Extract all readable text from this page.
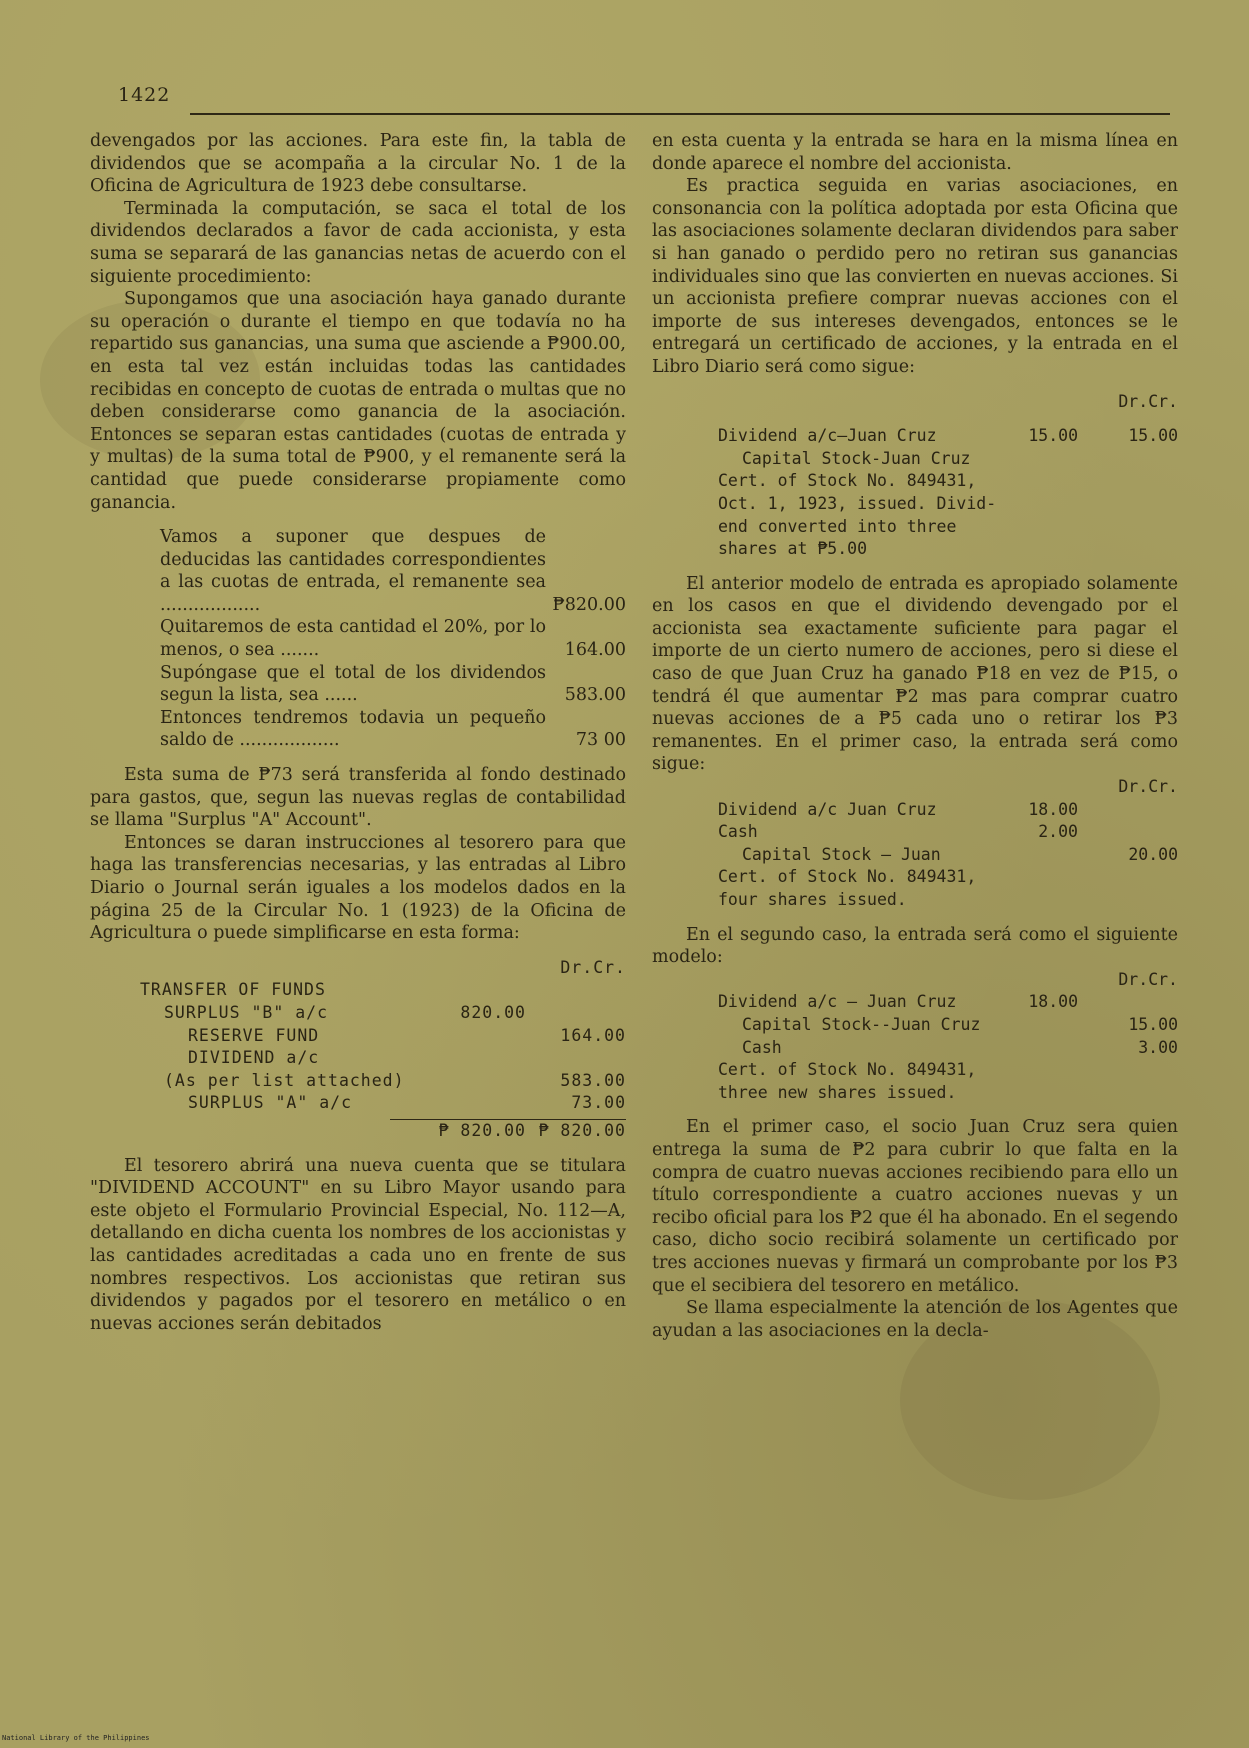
1422

devengados por las acciones. Para este fin, la tabla de dividendos que se acompaña a la circular No. 1 de la Oficina de Agricultura de 1923 debe consultarse.

Terminada la computación, se saca el total de los dividendos declarados a favor de cada accionista, y esta suma se separará de las ganancias netas de acuerdo con el siguiente procedimiento:

Supongamos que una asociación haya ganado durante su operación o durante el tiempo en que todavía no ha repartido sus ganancias, una suma que asciende a ₱900.00, en esta tal vez están incluidas todas las cantidades recibidas en concepto de cuotas de entrada o multas que no deben considerarse como ganancia de la asociación. Entonces se separan estas cantidades (cuotas de entrada y y multas) de la suma total de ₱900, y el remanente será la cantidad que puede considerarse propiamente como ganancia.

Vamos a suponer que despues de deducidas las cantidades correspondientes a las cuotas de entrada, el remanente sea ..................	₱820.00
Quitaremos de esta cantidad el 20%, por lo menos, o sea .......	164.00
Supóngase que el total de los dividendos segun la lista, sea ......	583.00
Entonces tendremos todavia un pequeño saldo de ..................	73 00

Esta suma de ₱73 será transferida al fondo destinado para gastos, que, segun las nuevas reglas de contabilidad se llama "Surplus "A" Account".

Entonces se daran instrucciones al tesorero para que haga las transferencias necesarias, y las entradas al Libro Diario o Journal serán iguales a los modelos dados en la página 25 de la Circular No. 1 (1923) de la Oficina de Agricultura o puede simplificarse en esta forma:

Dr. Cr.
TRANSFER OF FUNDS
SURPLUS "B" a/c	820.00
RESERVE FUND	164.00
DIVIDEND a/c
(As per list attached)	583.00
SURPLUS "A" a/c	73.00
₱ 820.00 ₱ 820.00

El tesorero abrirá una nueva cuenta que se titulara "DIVIDEND ACCOUNT" en su Libro Mayor usando para este objeto el Formulario Provincial Especial, No. 112—A, detallando en dicha cuenta los nombres de los accionistas y las cantidades acreditadas a cada uno en frente de sus nombres respectivos. Los accionistas que retiran sus dividendos y pagados por el tesorero en metálico o en nuevas acciones serán debitados

en esta cuenta y la entrada se hara en la misma línea en donde aparece el nombre del accionista.

Es practica seguida en varias asociaciones, en consonancia con la política adoptada por esta Oficina que las asociaciones solamente declaran dividendos para saber si han ganado o perdido pero no retiran sus ganancias individuales sino que las convierten en nuevas acciones. Si un accionista prefiere comprar nuevas acciones con el importe de sus intereses devengados, entonces se le entregará un certificado de acciones, y la entrada en el Libro Diario será como sigue:

Dr. Cr.
Dividend a/c—Juan Cruz	15.00	15.00
Capital Stock-Juan Cruz
Cert. of Stock No. 849431,
Oct. 1, 1923, issued. Divid-
end converted into three
shares at ₱5.00

El anterior modelo de entrada es apropiado solamente en los casos en que el dividendo devengado por el accionista sea exactamente suficiente para pagar el importe de un cierto numero de acciones, pero si diese el caso de que Juan Cruz ha ganado ₱18 en vez de ₱15, o tendrá él que aumentar ₱2 mas para comprar cuatro nuevas acciones de a ₱5 cada uno o retirar los ₱3 remanentes. En el primer caso, la entrada será como sigue:

Dr. Cr.
Dividend a/c Juan Cruz	18.00
Cash	2.00
Capital Stock — Juan	20.00
Cert. of Stock No. 849431,
four shares issued.

En el segundo caso, la entrada será como el siguiente modelo:

Dr. Cr.
Dividend a/c — Juan Cruz	18.00
Capital Stock--Juan Cruz	15.00
Cash	3.00
Cert. of Stock No. 849431,
three new shares issued.

En el primer caso, el socio Juan Cruz sera quien entrega la suma de ₱2 para cubrir lo que falta en la compra de cuatro nuevas acciones recibiendo para ello un título correspondiente a cuatro acciones nuevas y un recibo oficial para los ₱2 que él ha abonado. En el segendo caso, dicho socio recibirá solamente un certificado por tres acciones nuevas y firmará un comprobante por los ₱3 que el secibiera del tesorero en metálico.

Se llama especialmente la atención de los Agentes que ayudan a las asociaciones en la decla-

National Library of the Philippines
